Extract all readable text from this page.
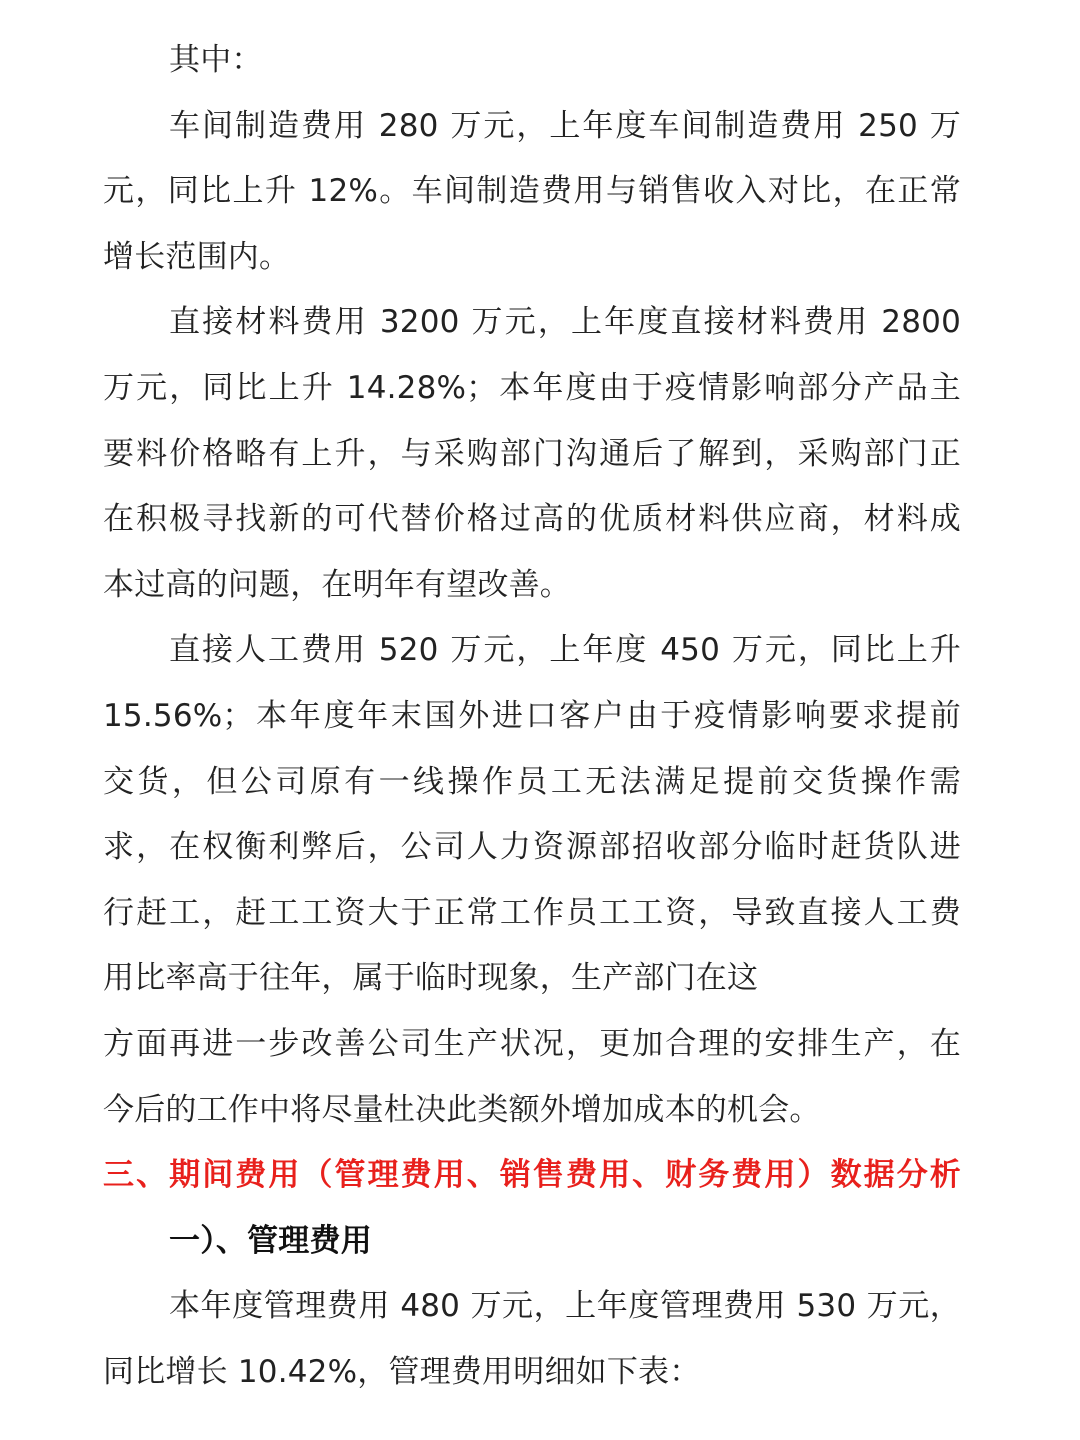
其中：
车间制造费用 280 万元，上年度车间制造费用 250 万
元，同比上升 12%。车间制造费用与销售收入对比，在正常
增长范围内。
直接材料费用 3200 万元，上年度直接材料费用 2800
万元，同比上升 14.28%；本年度由于疫情影响部分产品主
要料价格略有上升，与采购部门沟通后了解到，采购部门正
在积极寻找新的可代替价格过高的优质材料供应商，材料成
本过高的问题，在明年有望改善。
直接人工费用 520 万元，上年度 450 万元，同比上升
15.56%；本年度年末国外进口客户由于疫情影响要求提前
交货，但公司原有一线操作员工无法满足提前交货操作需
求，在权衡利弊后，公司人力资源部招收部分临时赶货队进
行赶工，赶工工资大于正常工作员工工资，导致直接人工费
用比率高于往年，属于临时现象，生产部门在这
方面再进一步改善公司生产状况，更加合理的安排生产，在
今后的工作中将尽量杜决此类额外增加成本的机会。
三、期间费用（管理费用、销售费用、财务费用）数据分析
一）、管理费用
本年度管理费用 480 万元，上年度管理费用 530 万元，
同比增长 10.42%，管理费用明细如下表：
